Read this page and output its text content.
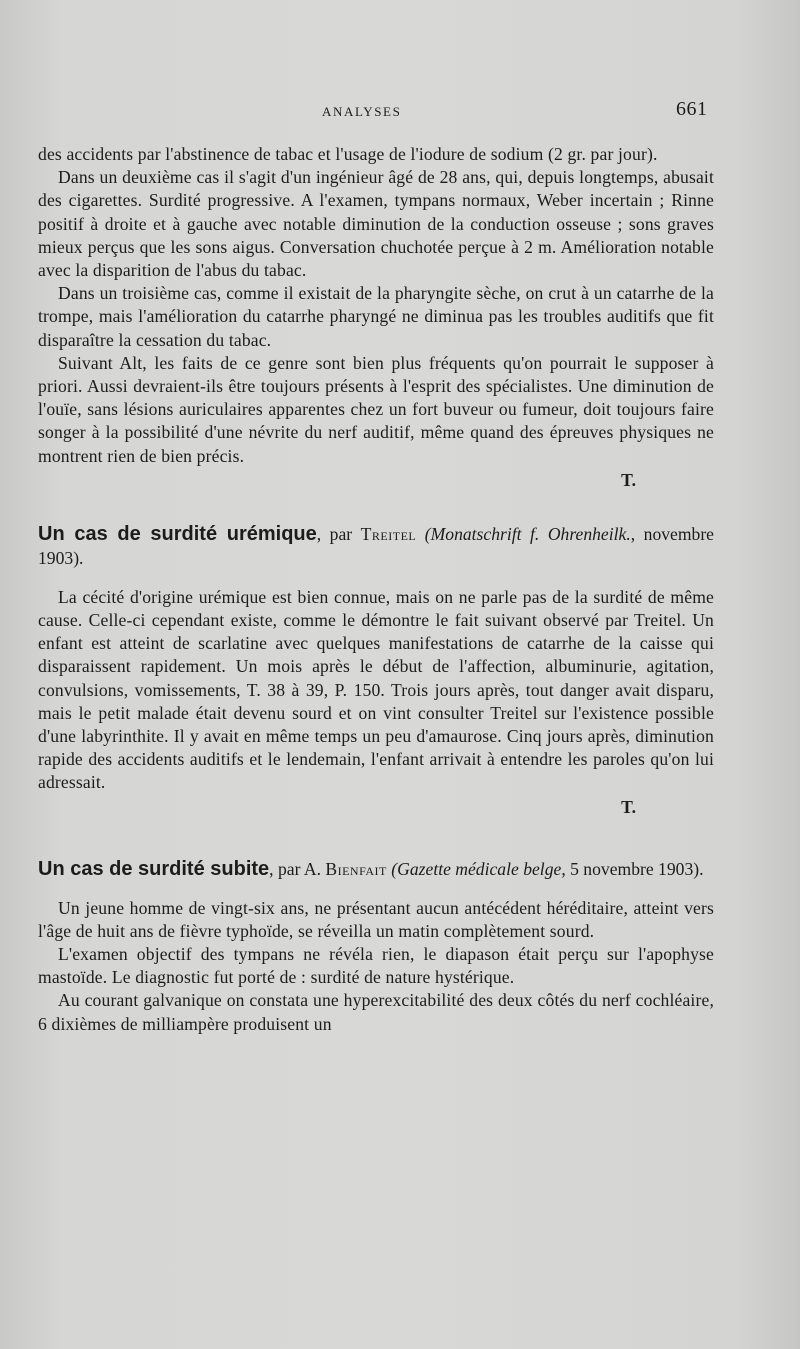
ANALYSES	661

des accidents par l'abstinence de tabac et l'usage de l'iodure de sodium (2 gr. par jour).

Dans un deuxième cas il s'agit d'un ingénieur âgé de 28 ans, qui, depuis longtemps, abusait des cigarettes. Surdité progressive. A l'examen, tympans normaux, Weber incertain ; Rinne positif à droite et à gauche avec notable diminution de la conduction osseuse ; sons graves mieux perçus que les sons aigus. Conversation chuchotée perçue à 2 m. Amélioration notable avec la disparition de l'abus du tabac.

Dans un troisième cas, comme il existait de la pharyngite sèche, on crut à un catarrhe de la trompe, mais l'amélioration du catarrhe pharyngé ne diminua pas les troubles auditifs que fit disparaître la cessation du tabac.

Suivant Alt, les faits de ce genre sont bien plus fréquents qu'on pourrait le supposer à priori. Aussi devraient-ils être toujours présents à l'esprit des spécialistes. Une diminution de l'ouïe, sans lésions auriculaires apparentes chez un fort buveur ou fumeur, doit toujours faire songer à la possibilité d'une névrite du nerf auditif, même quand des épreuves physiques ne montrent rien de bien précis.

T.

Un cas de surdité urémique, par Treitel (Monatschrift f. Ohrenheilk., novembre 1903).

La cécité d'origine urémique est bien connue, mais on ne parle pas de la surdité de même cause. Celle-ci cependant existe, comme le démontre le fait suivant observé par Treitel. Un enfant est atteint de scarlatine avec quelques manifestations de catarrhe de la caisse qui disparaissent rapidement. Un mois après le début de l'affection, albuminurie, agitation, convulsions, vomissements, T. 38 à 39, P. 150. Trois jours après, tout danger avait disparu, mais le petit malade était devenu sourd et on vint consulter Treitel sur l'existence possible d'une labyrinthite. Il y avait en même temps un peu d'amaurose. Cinq jours après, diminution rapide des accidents auditifs et le lendemain, l'enfant arrivait à entendre les paroles qu'on lui adressait.

T.

Un cas de surdité subite, par A. Bienfait (Gazette médicale belge, 5 novembre 1903).

Un jeune homme de vingt-six ans, ne présentant aucun antécédent héréditaire, atteint vers l'âge de huit ans de fièvre typhoïde, se réveilla un matin complètement sourd.

L'examen objectif des tympans ne révéla rien, le diapason était perçu sur l'apophyse mastoïde. Le diagnostic fut porté de : surdité de nature hystérique.

Au courant galvanique on constata une hyperexcitabilité des deux côtés du nerf cochléaire, 6 dixièmes de milliampère produisent un
